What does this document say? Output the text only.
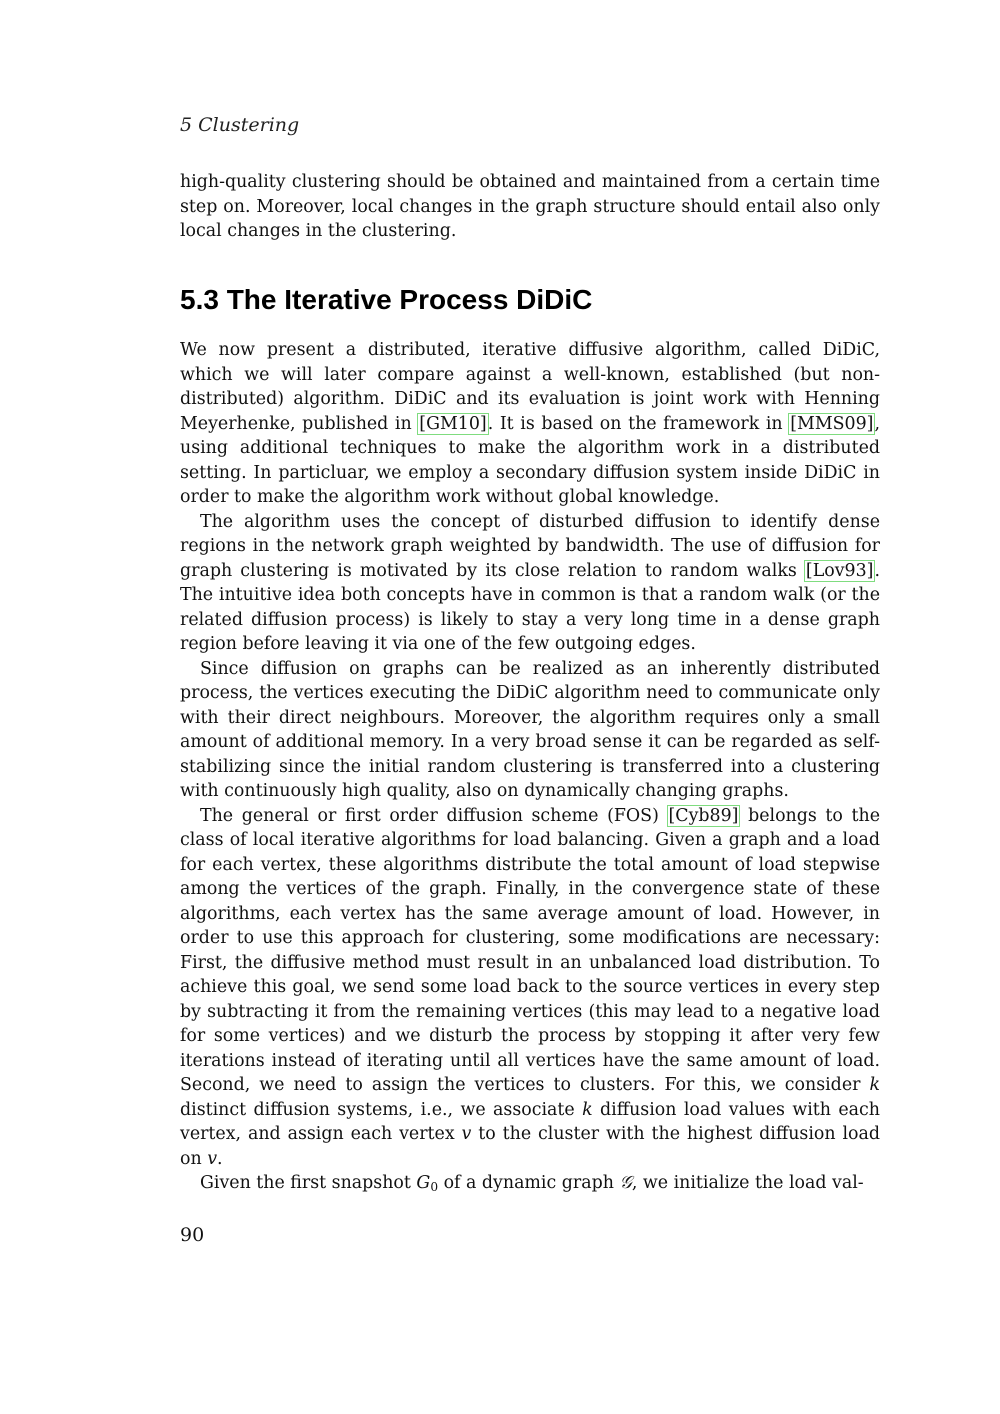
5 Clustering
high-quality clustering should be obtained and maintained from a certain time step on. Moreover, local changes in the graph structure should entail also only local changes in the clustering.
5.3 The Iterative Process DiDiC

We now present a distributed, iterative diffusive algorithm, called DiDiC, which we will later compare against a well-known, established (but non-distributed) algorithm. DiDiC and its evaluation is joint work with Henning Meyerhenke, published in [GM10]. It is based on the framework in [MMS09], using additional techniques to make the algorithm work in a distributed setting. In particluar, we employ a secondary diffusion system inside DiDiC in order to make the algorithm work without global knowledge.

The algorithm uses the concept of disturbed diffusion to identify dense regions in the network graph weighted by bandwidth. The use of diffusion for graph clustering is motivated by its close relation to random walks [Lov93]. The intuitive idea both concepts have in common is that a random walk (or the related diffusion process) is likely to stay a very long time in a dense graph region before leaving it via one of the few outgoing edges.

Since diffusion on graphs can be realized as an inherently distributed process, the vertices executing the DiDiC algorithm need to communicate only with their direct neighbours. Moreover, the algorithm requires only a small amount of additional memory. In a very broad sense it can be regarded as self-stabilizing since the initial random clustering is transferred into a clustering with continuously high quality, also on dynamically changing graphs.

The general or first order diffusion scheme (FOS) [Cyb89] belongs to the class of local iterative algorithms for load balancing. Given a graph and a load for each vertex, these algorithms distribute the total amount of load stepwise among the vertices of the graph. Finally, in the convergence state of these algorithms, each vertex has the same average amount of load. However, in order to use this approach for clustering, some modifications are necessary: First, the diffusive method must result in an unbalanced load distribution. To achieve this goal, we send some load back to the source vertices in every step by subtracting it from the remaining vertices (this may lead to a negative load for some vertices) and we disturb the process by stopping it after very few iterations instead of iterating until all vertices have the same amount of load. Second, we need to assign the vertices to clusters. For this, we consider k distinct diffusion systems, i.e., we associate k diffusion load values with each vertex, and assign each vertex v to the cluster with the highest diffusion load on v.

Given the first snapshot $G_0$ of a dynamic graph 𝒢, we initialize the load val-

90
